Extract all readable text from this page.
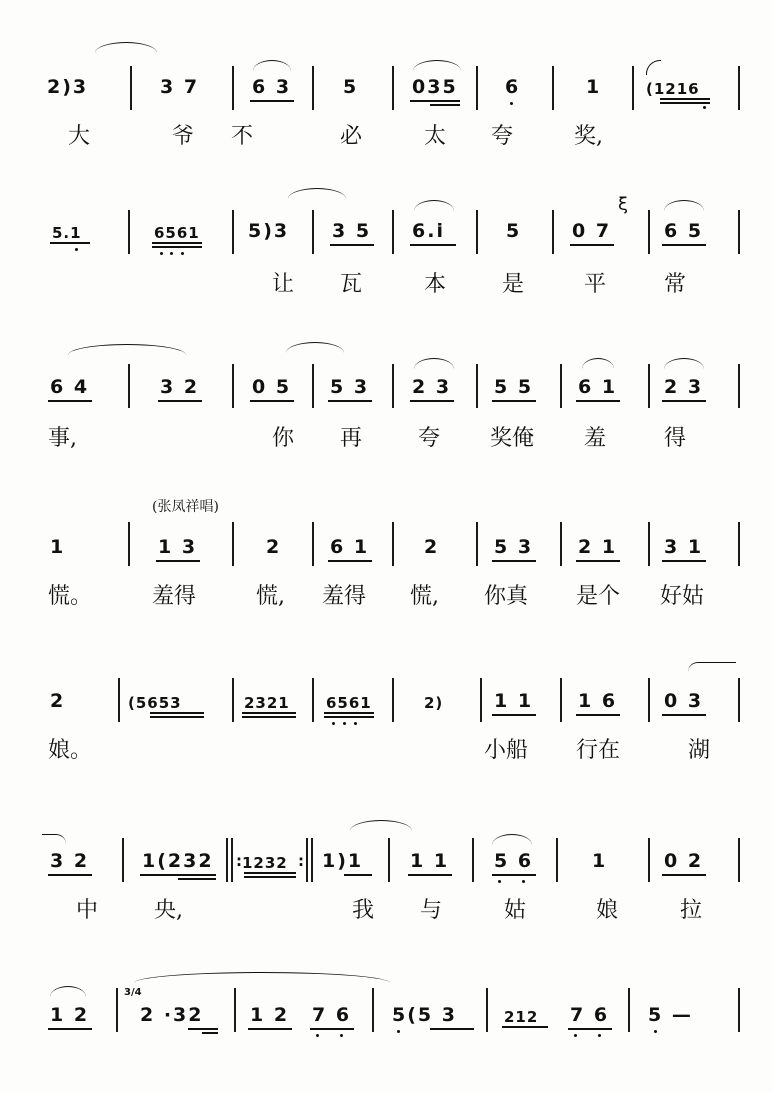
2)3	3 7	6 3	5	035 6	1	(1216
大	爷 不	必	太 夸	奖,
ξ
5.1	6561	5)3 3 5 6.i	5	0 7	6 5
让 瓦	本	是	平	常
6 4	3 2	0 5 5 3 2 3 5 5 6 1 2 3
事,	你 再	夸 奖俺 羞	得
(张凤祥唱)
1	1 3	2	6 1	2	5 3 2 1 3 1
慌。	羞得	慌, 羞得 慌, 你真 是个 好姑
2	(5653	2321 6561	2)	1 1 1 6 0 3
娘。	小船 行在	湖
3 2	1(232 : 1232 : 1)1 1 1 5 6	1	0 2
中	央,	我 与	姑	娘	拉
1 2
3/4
2 ·32 1 2 7 6 5(5 3	212 7 6 5 —
